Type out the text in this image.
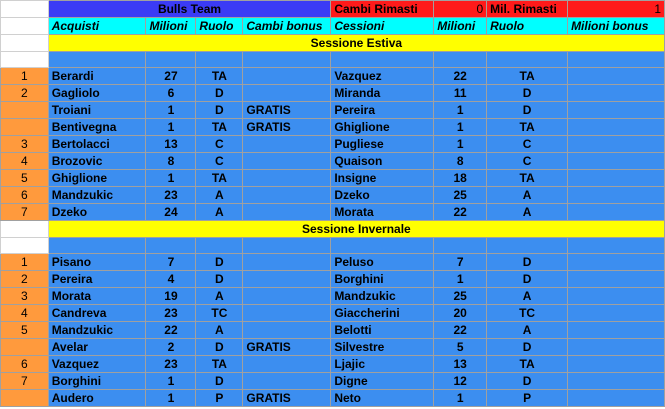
	Bulls Team				Cambi Rimasti	0	Mil. Rimasti	1
	Acquisti	Milioni	Ruolo	Cambi bonus	Cessioni	Milioni	Ruolo	Milioni bonus
	Sessione Estiva							

1	Berardi	27	TA		Vazquez	22	TA	
2	Gagliolo	6	D		Miranda	11	D	
	Troiani	1	D	GRATIS	Pereira	1	D	
	Bentivegna	1	TA	GRATIS	Ghiglione	1	TA	
3	Bertolacci	13	C		Pugliese	1	C	
4	Brozovic	8	C		Quaison	8	C	
5	Ghiglione	1	TA		Insigne	18	TA	
6	Mandzukic	23	A		Dzeko	25	A	
7	Dzeko	24	A		Morata	22	A	
	Sessione Invernale							

1	Pisano	7	D		Peluso	7	D	
2	Pereira	4	D		Borghini	1	D	
3	Morata	19	A		Mandzukic	25	A	
4	Candreva	23	TC		Giaccherini	20	TC	
5	Mandzukic	22	A		Belotti	22	A	
	Avelar	2	D	GRATIS	Silvestre	5	D	
6	Vazquez	23	TA		Ljajic	13	TA	
7	Borghini	1	D		Digne	12	D	
	Audero	1	P	GRATIS	Neto	1	P	
